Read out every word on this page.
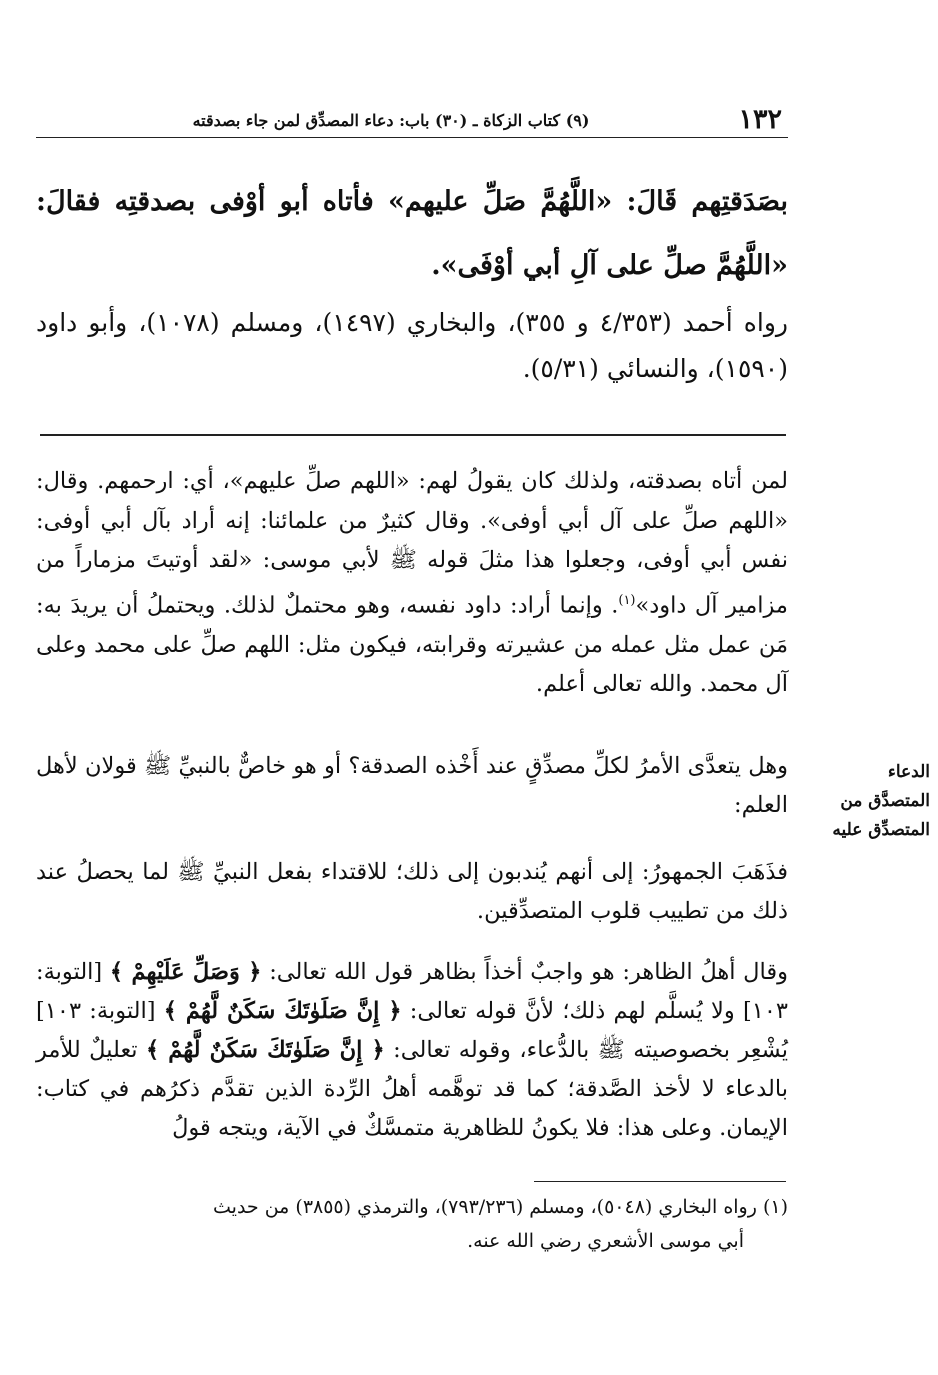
١٣٢
(٩) كتاب الزكاة ـ (٣٠) باب: دعاء المصدِّق لمن جاء بصدقته
بصَدَقتِهم قَالَ: «اللَّهُمَّ صَلِّ عليهم» فأتاه أبو أوْفى بصدقتِه فقالَ: «اللَّهُمَّ صلِّ على آلِ أبي أوْفَى».
رواه أحمد (٤/٣٥٣ و ٣٥٥)، والبخاري (١٤٩٧)، ومسلم (١٠٧٨)، وأبو داود (١٥٩٠)، والنسائي (٥/٣١).
لمن أتاه بصدقته، ولذلك كان يقولُ لهم: «اللهم صلِّ عليهم»، أي: ارحمهم. وقال: «اللهم صلِّ على آل أبي أوفى». وقال كثيرٌ من علمائنا: إنه أراد بآل أبي أوفى: نفس أبي أوفى، وجعلوا هذا مثلَ قوله ﷺ لأبي موسى: «لقد أوتيتَ مزماراً من مزامير آل داود»$^{(١)}$. وإنما أراد: داود نفسه، وهو محتملٌ لذلك. ويحتملُ أن يريدَ به: مَن عمل مثل عمله من عشيرته وقرابته، فيكون مثل: اللهم صلِّ على محمد وعلى آل محمد. والله تعالى أعلم.
وهل يتعدَّى الأمرُ لكلِّ مصدِّقٍ عند أَخْذه الصدقة؟ أو هو خاصٌّ بالنبيِّ ﷺ قولان لأهل العلم:
الدعاء
المتصدَّق من
المتصدِّق عليه
فذَهَبَ الجمهورُ: إلى أنهم يُندبون إلى ذلك؛ للاقتداء بفعل النبيِّ ﷺ لما يحصلُ عند ذلك من تطييب قلوب المتصدِّقين.
وقال أهلُ الظاهر: هو واجبٌ أخذاً بظاهر قول الله تعالى: ﴿ وَصَلِّ عَلَيْهِمْ ﴾ [التوبة: ١٠٣] ولا يُسلَّم لهم ذلك؛ لأنَّ قوله تعالى: ﴿ إِنَّ صَلَوٰتَكَ سَكَنٌ لَّهُمْ ﴾ [التوبة: ١٠٣] يُشْعِر بخصوصيته ﷺ بالدُّعاء، وقوله تعالى: ﴿ إِنَّ صَلَوٰتَكَ سَكَنٌ لَّهُمْ ﴾ تعليلٌ للأمر بالدعاء لا لأخذ الصَّدقة؛ كما قد توهَّمه أهلُ الرِّدة الذين تقدَّم ذكرُهم في كتاب: الإيمان. وعلى هذا: فلا يكونُ للظاهرية متمسَّكٌ في الآية، ويتجه قولُ
(١) رواه البخاري (٥٠٤٨)، ومسلم (٧٩٣/٢٣٦)، والترمذي (٣٨٥٥) من حديث
أبي موسى الأشعري رضي الله عنه.
